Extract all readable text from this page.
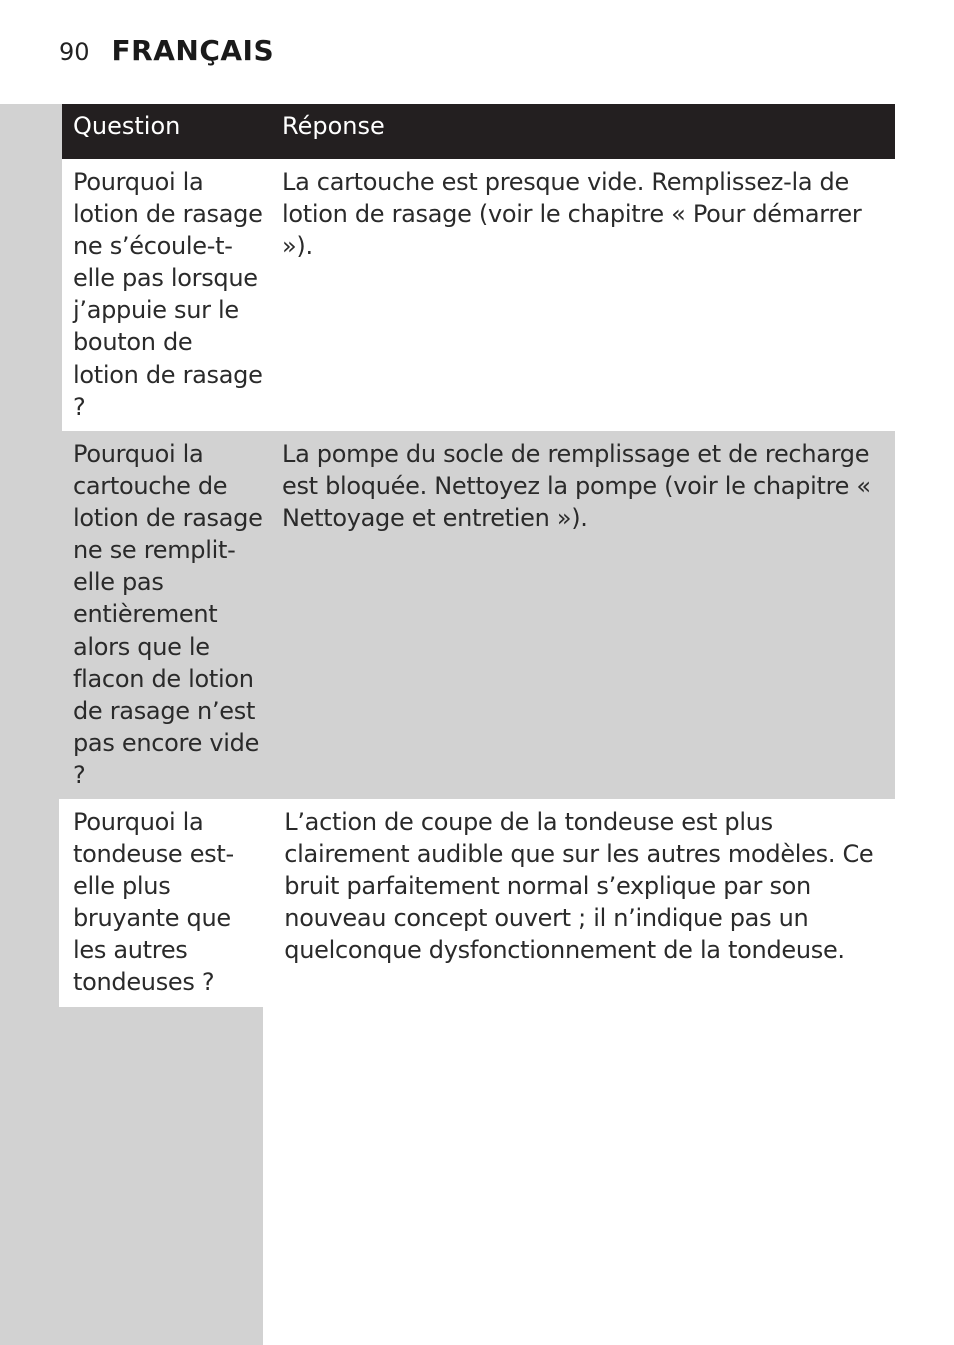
90 FRANÇAIS
Question	Réponse
Pourquoi la lotion de rasage ne s’écoule-t-elle pas lorsque j’appuie sur le bouton de lotion de rasage ?
La cartouche est presque vide. Remplissez-la de lotion de rasage (voir le chapitre « Pour démarrer »).
Pourquoi la cartouche de lotion de rasage ne se remplit-elle pas entièrement alors que le flacon de lotion de rasage n’est pas encore vide ?
La pompe du socle de remplissage et de recharge est bloquée. Nettoyez la pompe (voir le chapitre « Nettoyage et entretien »).
Pourquoi la tondeuse est-elle plus bruyante que les autres tondeuses ?
L’action de coupe de la tondeuse est plus clairement audible que sur les autres modèles. Ce bruit parfaitement normal s’explique par son nouveau concept ouvert ; il n’indique pas un quelconque dysfonctionnement de la tondeuse.
